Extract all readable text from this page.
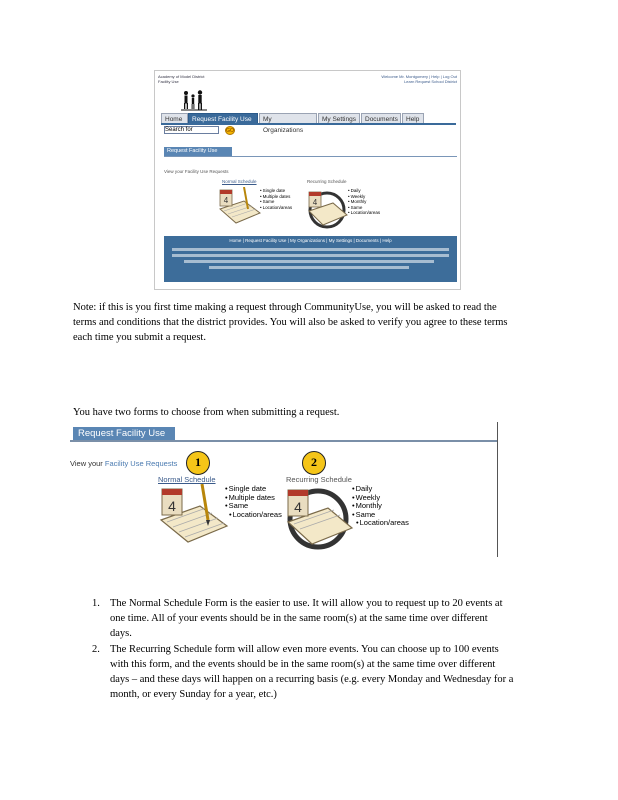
Academy of Model District
Facility Use
Welcome Mr. Montgomery | Help | Log Out
Learn Request School District
Home	Request Facility Use	My Organizations
My Settings	Documents	Help
Search for	GO
Request Facility Use
View your Facility Use Requests
Normal Schedule
4
• Single date
• Multiple dates
• Same
• Location/areas
Recurring Schedule
4
• Daily
• Weekly
• Monthly
• Same
• Location/areas
Home | Request Facility Use | My Organizations | My Settings | Documents | Help
Note: if this is you first time making a request through CommunityUse, you will be asked to read the
terms and conditions that the district provides. You will also be asked to verify you agree to these terms
each time you submit a request.
You have two forms to choose from when submitting a request.
Request Facility Use
View your Facility Use Requests	1	2
Normal Schedule
4
• Single date
• Multiple dates
• Same
• Location/areas
Recurring Schedule
4
• Daily
• Weekly
• Monthly
• Same
• Location/areas
1. The Normal Schedule Form is the easier to use. It will allow you to request up to 20 events at
one time. All of your events should be in the same room(s) at the same time over different
days.
2. The Recurring Schedule form will allow even more events. You can choose up to 100 events
with this form, and the events should be in the same room(s) at the same time over different
days – and these days will happen on a recurring basis (e.g. every Monday and Wednesday for a
month, or every Sunday for a year, etc.)
